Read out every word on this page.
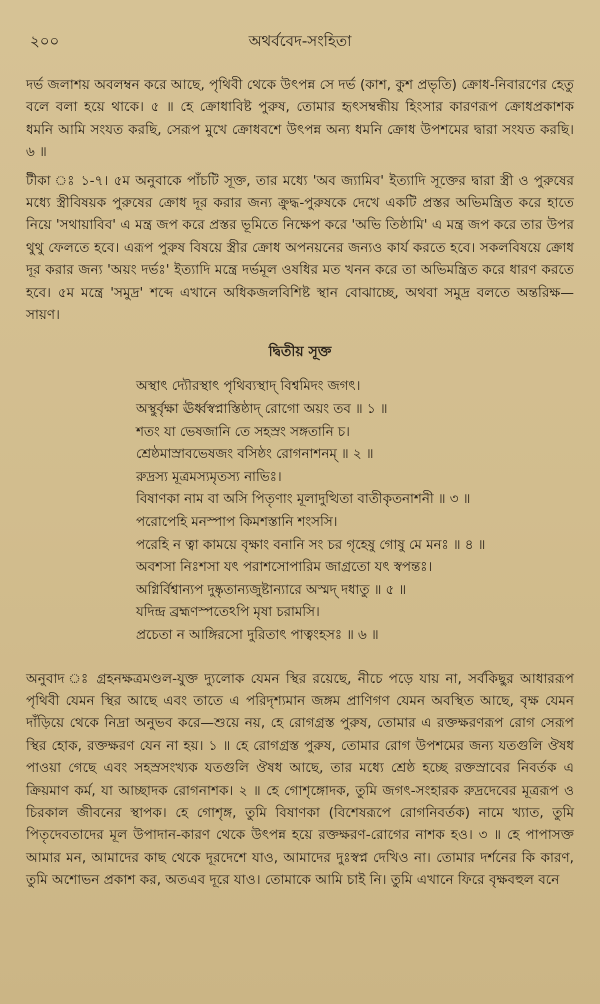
২০০	অথর্ববেদ-সংহিতা

দর্ভ জলাশয় অবলম্বন করে আছে, পৃথিবী থেকে উৎপন্ন সে দর্ভ (কাশ, কুশ প্রভৃতি) ক্রোধ-নিবারণের হেতু বলে বলা হয়ে থাকে। ৫ ॥ হে ক্রোধাবিষ্ট পুরুষ, তোমার হৃৎসম্বন্ধীয় হিংসার কারণরূপ ক্রোধপ্রকাশক ধমনি আমি সংযত করছি, সেরূপ মুখে ক্রোধবশে উৎপন্ন অন্য ধমনি ক্রোধ উপশমের দ্বারা সংযত করছি। ৬ ॥

টীকা ঃ ১-৭। ৫ম অনুবাকে পাঁচটি সূক্ত, তার মধ্যে 'অব জ্যামিব' ইত্যাদি সূক্তের দ্বারা স্ত্রী ও পুরুষের মধ্যে স্ত্রীবিষয়ক পুরুষের ক্রোধ দূর করার জন্য ক্রুদ্ধ-পুরুষকে দেখে একটি প্রস্তর অভিমন্ত্রিত করে হাতে নিয়ে 'সথায়াবিব' এ মন্ত্র জপ করে প্রস্তর ভূমিতে নিক্ষেপ করে 'অভি তিষ্ঠামি' এ মন্ত্র জপ করে তার উপর থুথু ফেলতে হবে। এরূপ পুরুষ বিষয়ে স্ত্রীর ক্রোধ অপনয়নের জন্যও কার্য করতে হবে। সকলবিষয়ে ক্রোধ দূর করার জন্য 'অয়ং দর্ভঃ' ইত্যাদি মন্ত্রে দর্ভমূল ওষধির মত খনন করে তা অভিমন্ত্রিত করে ধারণ করতে হবে। ৫ম মন্ত্রে 'সমুদ্র' শব্দে এখানে অধিকজলবিশিষ্ট স্থান বোঝাচ্ছে, অথবা সমুদ্র বলতে অন্তরিক্ষ—সায়ণ।

দ্বিতীয় সূক্ত
অস্থাৎ দ্যৌরস্থাৎ পৃথিব্যস্থাদ্ বিশ্বমিদং জগৎ।
অস্থুর্বৃক্ষা ঊর্ধ্বস্বপ্নাস্তিষ্ঠাদ্ রোগো অয়ং তব ॥ ১ ॥
শতং যা ভেষজানি তে সহস্রং সঙ্গতানি চ।
শ্রেষ্ঠমাস্রাবভেষজং বসিষ্ঠং রোগনাশনম্ ॥ ২ ॥
রুদ্রস্য মূত্রমস্যমৃতস্য নাভিঃ।
বিষাণকা নাম বা অসি পিতৃণাং মূলাদুত্থিতা বাতীকৃতনাশনী ॥ ৩ ॥
পরোপেহি মনস্পাপ কিমশস্তানি শংসসি।
পরেহি ন ত্বা কাময়ে বৃক্ষাং বনানি সং চর গৃহেষু গোষু মে মনঃ ॥ ৪ ॥
অবশসা নিঃশসা যৎ পরাশসোপারিম জাগ্রতো যৎ স্বপন্তঃ।
অগ্নির্বিশ্বান্যপ দুষ্কৃতান্যজুষ্টান্যারে অস্মদ্ দধাতু ॥ ৫ ॥
যদিন্দ্র ব্রহ্মণস্পতেঽপি মৃষা চরামসি।
প্রচেতা ন আঙ্গিরসো দুরিতাৎ পাত্বংহসঃ ॥ ৬ ॥

অনুবাদ ঃ গ্রহনক্ষত্রমণ্ডল-যুক্ত দ্যুলোক যেমন স্থির রয়েছে, নীচে পড়ে যায় না, সর্বকিছুর আধাররূপ পৃথিবী যেমন স্থির আছে এবং তাতে এ পরিদৃশ্যমান জঙ্গম প্রাণিগণ যেমন অবস্থিত আছে, বৃক্ষ যেমন দাঁড়িয়ে থেকে নিদ্রা অনুভব করে—শুয়ে নয়, হে রোগগ্রস্ত পুরুষ, তোমার এ রক্তক্ষরণরূপ রোগ সেরূপ স্থির হোক, রক্তক্ষরণ যেন না হয়। ১ ॥ হে রোগগ্রস্ত পুরুষ, তোমার রোগ উপশমের জন্য যতগুলি ঔষধ পাওয়া গেছে এবং সহস্রসংখ্যক যতগুলি ঔষধ আছে, তার মধ্যে শ্রেষ্ঠ হচ্ছে রক্তস্রাবের নিবর্তক এ ক্রিয়মাণ কর্ম, যা আচ্ছাদক রোগনাশক। ২ ॥ হে গোশৃঙ্গোদক, তুমি জগৎ-সংহারক রুদ্রদেবের মূত্ররূপ ও চিরকাল জীবনের স্থাপক। হে গোশৃঙ্গ, তুমি বিষাণকা (বিশেষরূপে রোগনিবর্তক) নামে খ্যাত, তুমি পিতৃদেবতাদের মূল উপাদান-কারণ থেকে উৎপন্ন হয়ে রক্তক্ষরণ-রোগের নাশক হও। ৩ ॥ হে পাপাসক্ত আমার মন, আমাদের কাছ থেকে দূরদেশে যাও, আমাদের দুঃস্বপ্ন দেখিও না। তোমার দর্শনের কি কারণ, তুমি অশোভন প্রকাশ কর, অতএব দূরে যাও। তোমাকে আমি চাই নি। তুমি এখানে ফিরে বৃক্ষবহুল বনে
